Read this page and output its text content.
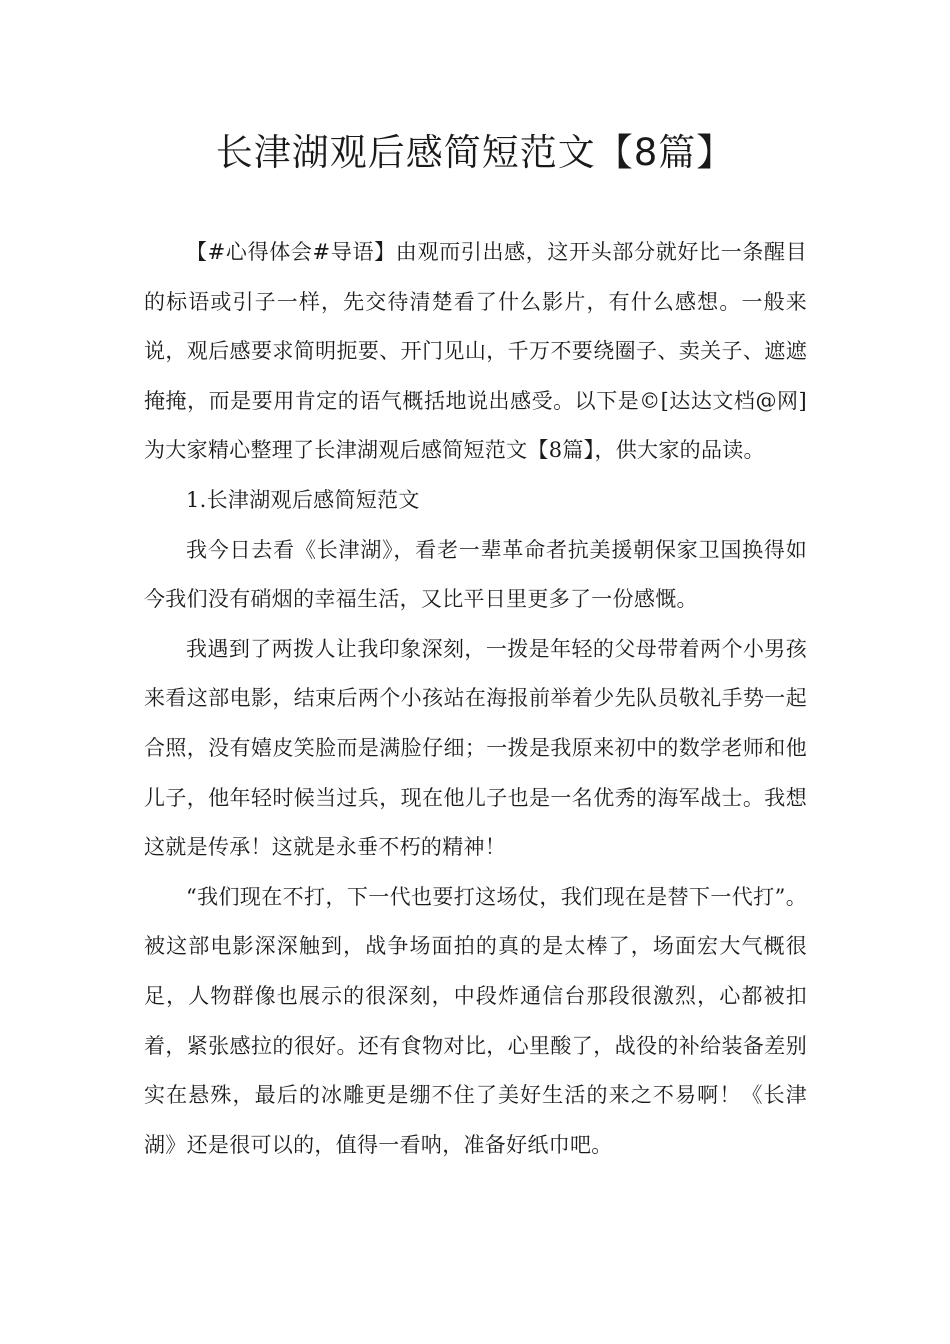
长津湖观后感简短范文【8篇】

【#心得体会#导语】由观而引出感，这开头部分就好比一条醒目的标语或引子一样，先交待清楚看了什么影片，有什么感想。一般来说，观后感要求简明扼要、开门见山，千万不要绕圈子、卖关子、遮遮掩掩，而是要用肯定的语气概括地说出感受。以下是©[达达文档@网]为大家精心整理了长津湖观后感简短范文【8篇】，供大家的品读。

1.长津湖观后感简短范文

我今日去看《长津湖》，看老一辈革命者抗美援朝保家卫国换得如今我们没有硝烟的幸福生活，又比平日里更多了一份感慨。

我遇到了两拨人让我印象深刻，一拨是年轻的父母带着两个小男孩来看这部电影，结束后两个小孩站在海报前举着少先队员敬礼手势一起合照，没有嬉皮笑脸而是满脸仔细；一拨是我原来初中的数学老师和他儿子，他年轻时候当过兵，现在他儿子也是一名优秀的海军战士。我想这就是传承！这就是永垂不朽的精神！

“我们现在不打，下一代也要打这场仗，我们现在是替下一代打”。被这部电影深深触到，战争场面拍的真的是太棒了，场面宏大气概很足，人物群像也展示的很深刻，中段炸通信台那段很激烈，心都被扣着，紧张感拉的很好。还有食物对比，心里酸了，战役的补给装备差别实在悬殊，最后的冰雕更是绷不住了美好生活的来之不易啊！《长津湖》还是很可以的，值得一看呐，准备好纸巾吧。
